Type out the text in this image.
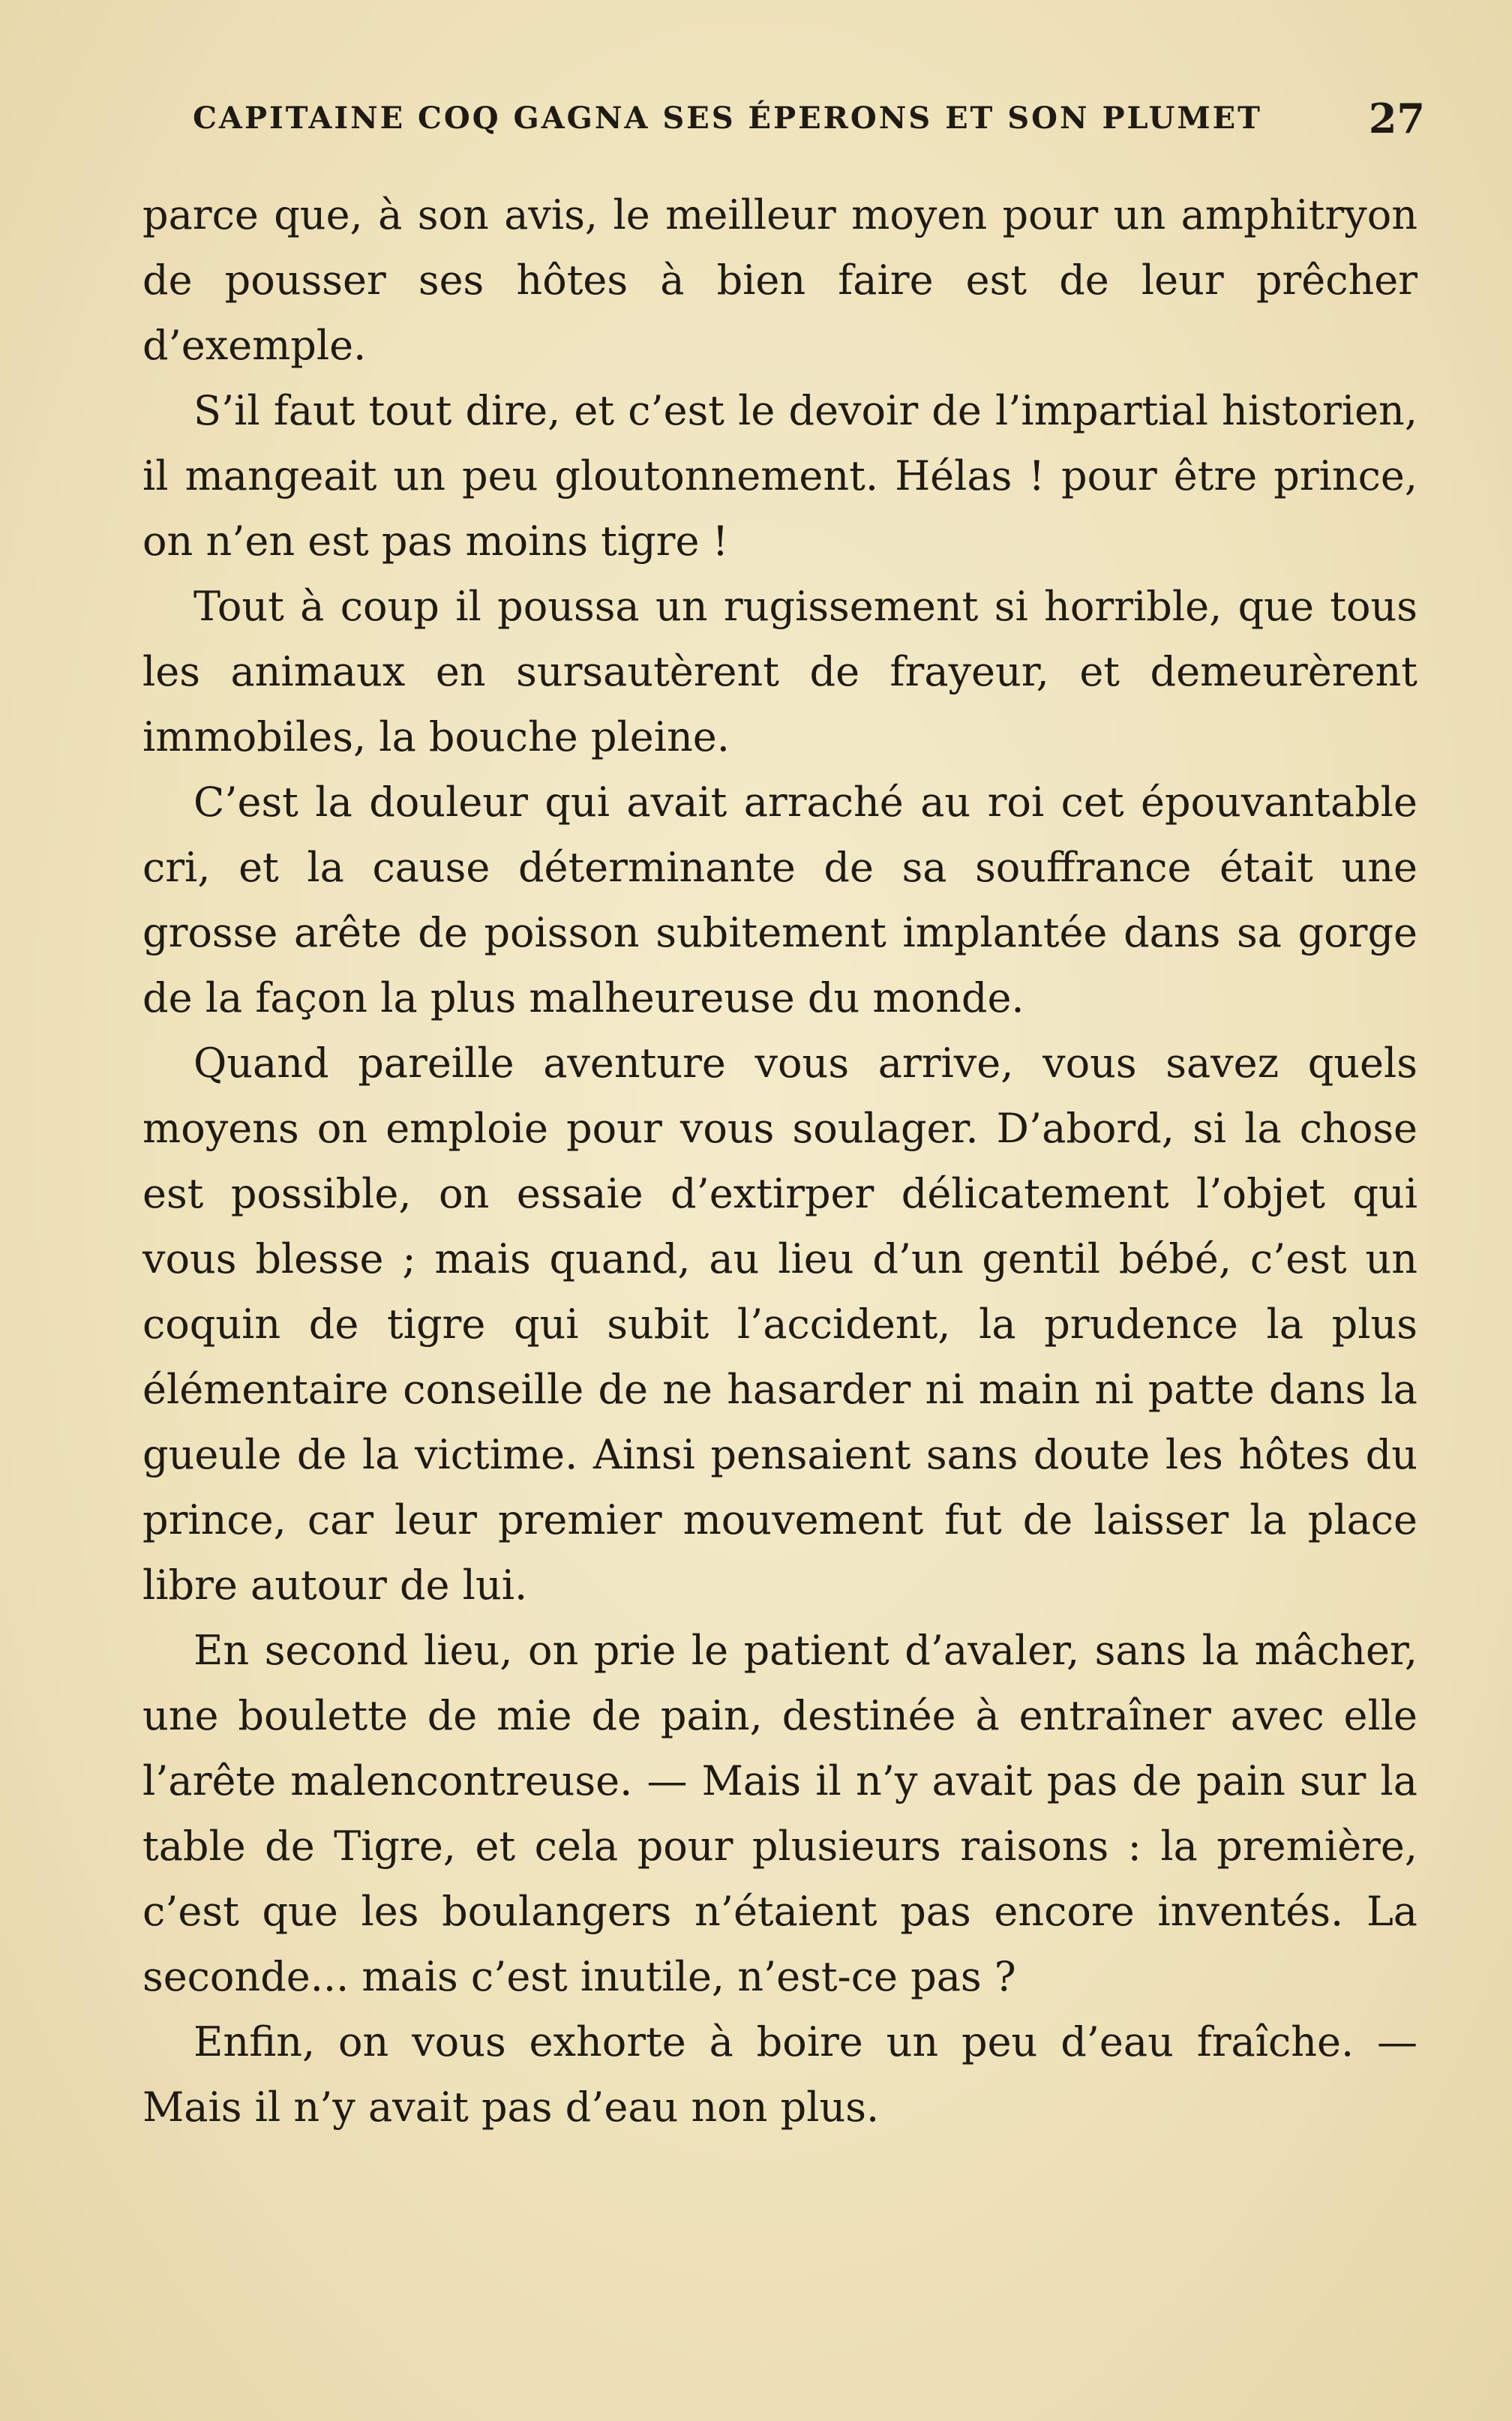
CAPITAINE COQ GAGNA SES ÉPERONS ET SON PLUMET	27

parce que, à son avis, le meilleur moyen pour un amphitryon de pousser ses hôtes à bien faire est de leur prêcher d’exemple.

S’il faut tout dire, et c’est le devoir de l’impartial historien, il mangeait un peu gloutonnement. Hélas ! pour être prince, on n’en est pas moins tigre !

Tout à coup il poussa un rugissement si horrible, que tous les animaux en sursautèrent de frayeur, et demeurèrent immobiles, la bouche pleine.

C’est la douleur qui avait arraché au roi cet épouvantable cri, et la cause déterminante de sa souffrance était une grosse arête de poisson subitement implantée dans sa gorge de la façon la plus malheureuse du monde.

Quand pareille aventure vous arrive, vous savez quels moyens on emploie pour vous soulager. D’abord, si la chose est possible, on essaie d’extirper délicatement l’objet qui vous blesse ; mais quand, au lieu d’un gentil bébé, c’est un coquin de tigre qui subit l’accident, la prudence la plus élémentaire conseille de ne hasarder ni main ni patte dans la gueule de la victime. Ainsi pensaient sans doute les hôtes du prince, car leur premier mouvement fut de laisser la place libre autour de lui.

En second lieu, on prie le patient d’avaler, sans la mâcher, une boulette de mie de pain, destinée à entraîner avec elle l’arête malencontreuse. — Mais il n’y avait pas de pain sur la table de Tigre, et cela pour plusieurs raisons : la première, c’est que les boulangers n’étaient pas encore inventés. La seconde... mais c’est inutile, n’est-ce pas ?

Enfin, on vous exhorte à boire un peu d’eau fraîche. — Mais il n’y avait pas d’eau non plus.
